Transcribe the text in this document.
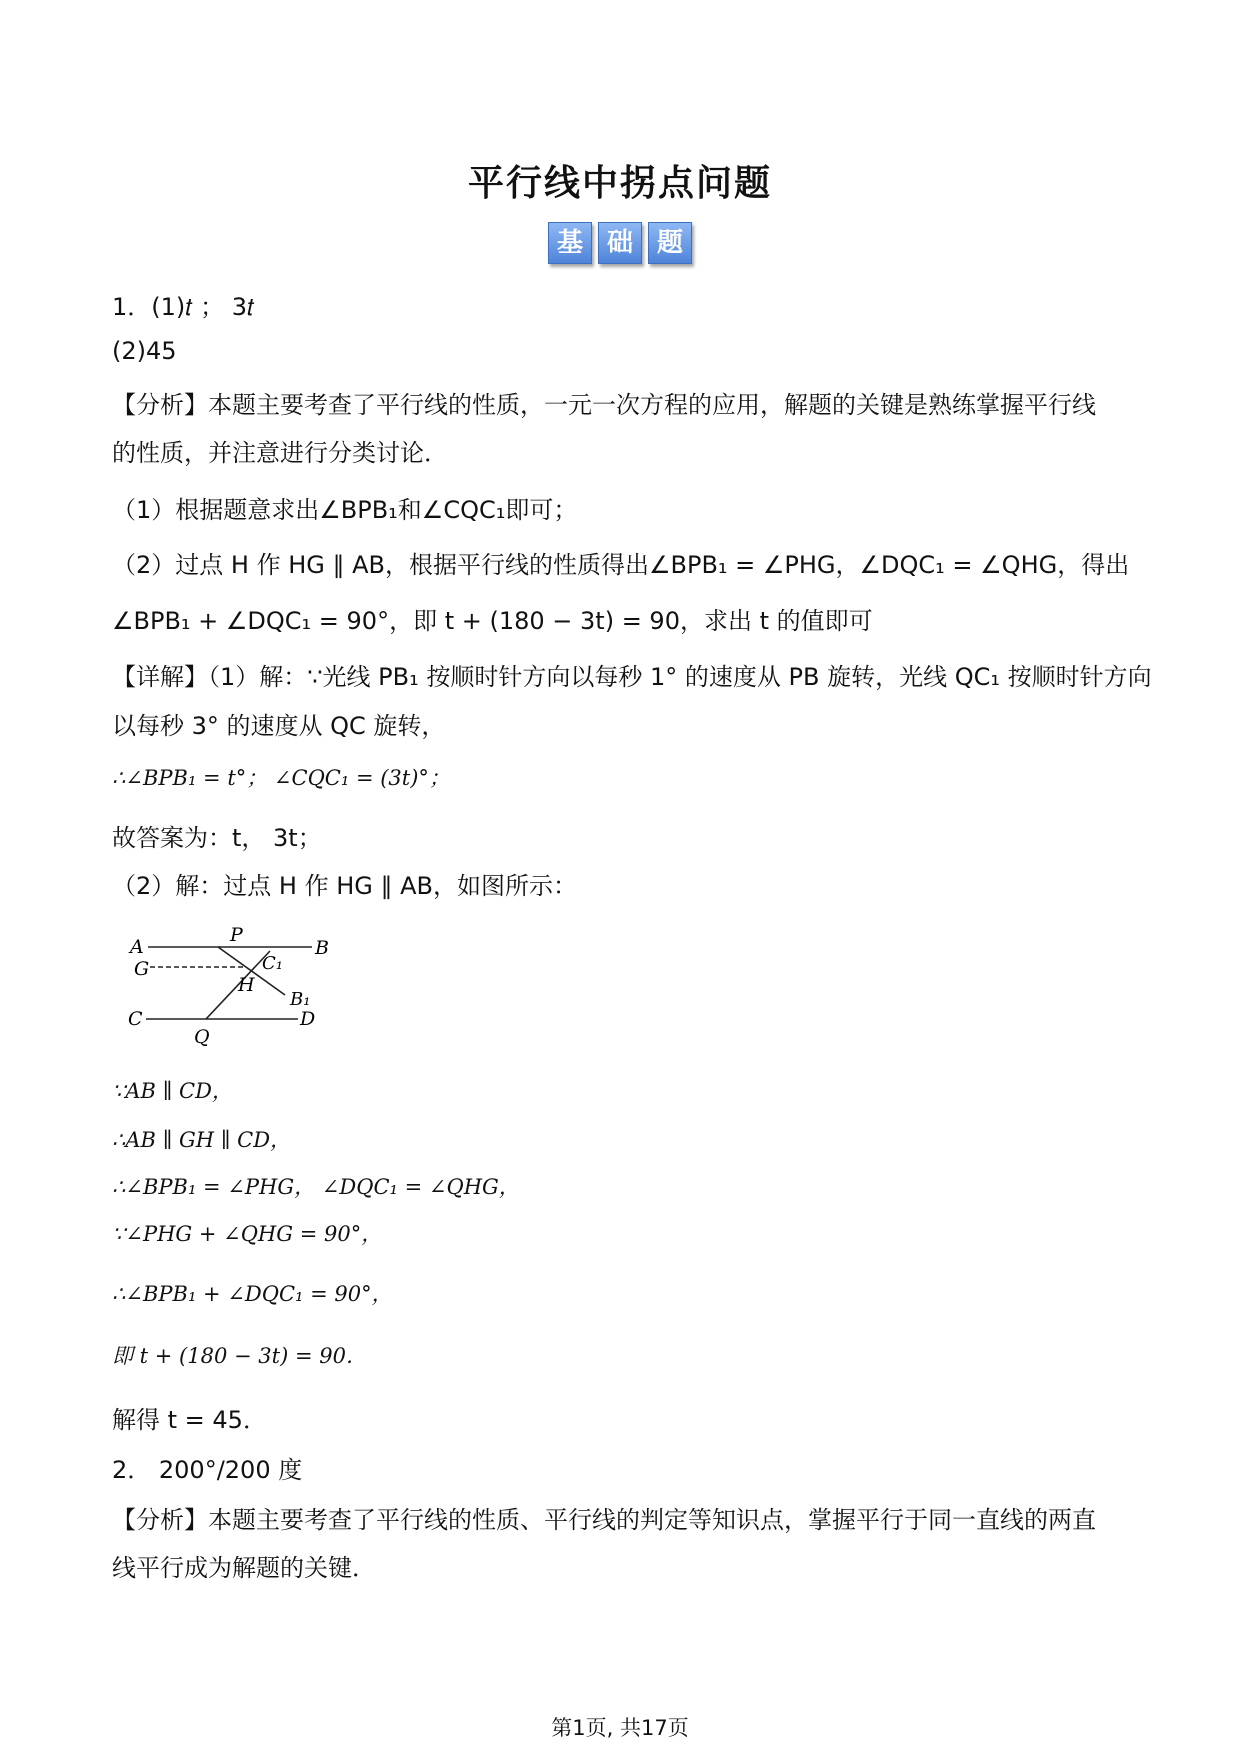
平行线中拐点问题
基 础 题
1．(1)𝑡 ； 3𝑡
(2)45
【分析】本题主要考查了平行线的性质，一元一次方程的应用，解题的关键是熟练掌握平行线
的性质，并注意进行分类讨论．
（1）根据题意求出∠BPB₁和∠CQC₁即可；
（2）过点 H 作 HG ∥ AB，根据平行线的性质得出∠BPB₁ = ∠PHG，∠DQC₁ = ∠QHG，得出
∠BPB₁ + ∠DQC₁ = 90°，即 t + (180 − 3t) = 90，求出 t 的值即可
【详解】（1）解：∵光线 PB₁ 按顺时针方向以每秒 1° 的速度从 PB 旋转，光线 QC₁ 按顺时针方向
以每秒 3° 的速度从 QC 旋转，
∴∠BPB₁ = t°； ∠CQC₁ = (3t)°；
故答案为：t， 3t；
（2）解：过点 H 作 HG ∥ AB，如图所示：
A
P
B
G	C₁
H
B₁
C	D
Q
∵AB ∥ CD，
∴AB ∥ GH ∥ CD，
∴∠BPB₁ = ∠PHG， ∠DQC₁ = ∠QHG，
∵∠PHG + ∠QHG = 90°，
∴∠BPB₁ + ∠DQC₁ = 90°，
即 t + (180 − 3t) = 90．
解得 t = 45．
2． 200°/200 度
【分析】本题主要考查了平行线的性质、平行线的判定等知识点，掌握平行于同一直线的两直
线平行成为解题的关键．
第1页, 共17页
